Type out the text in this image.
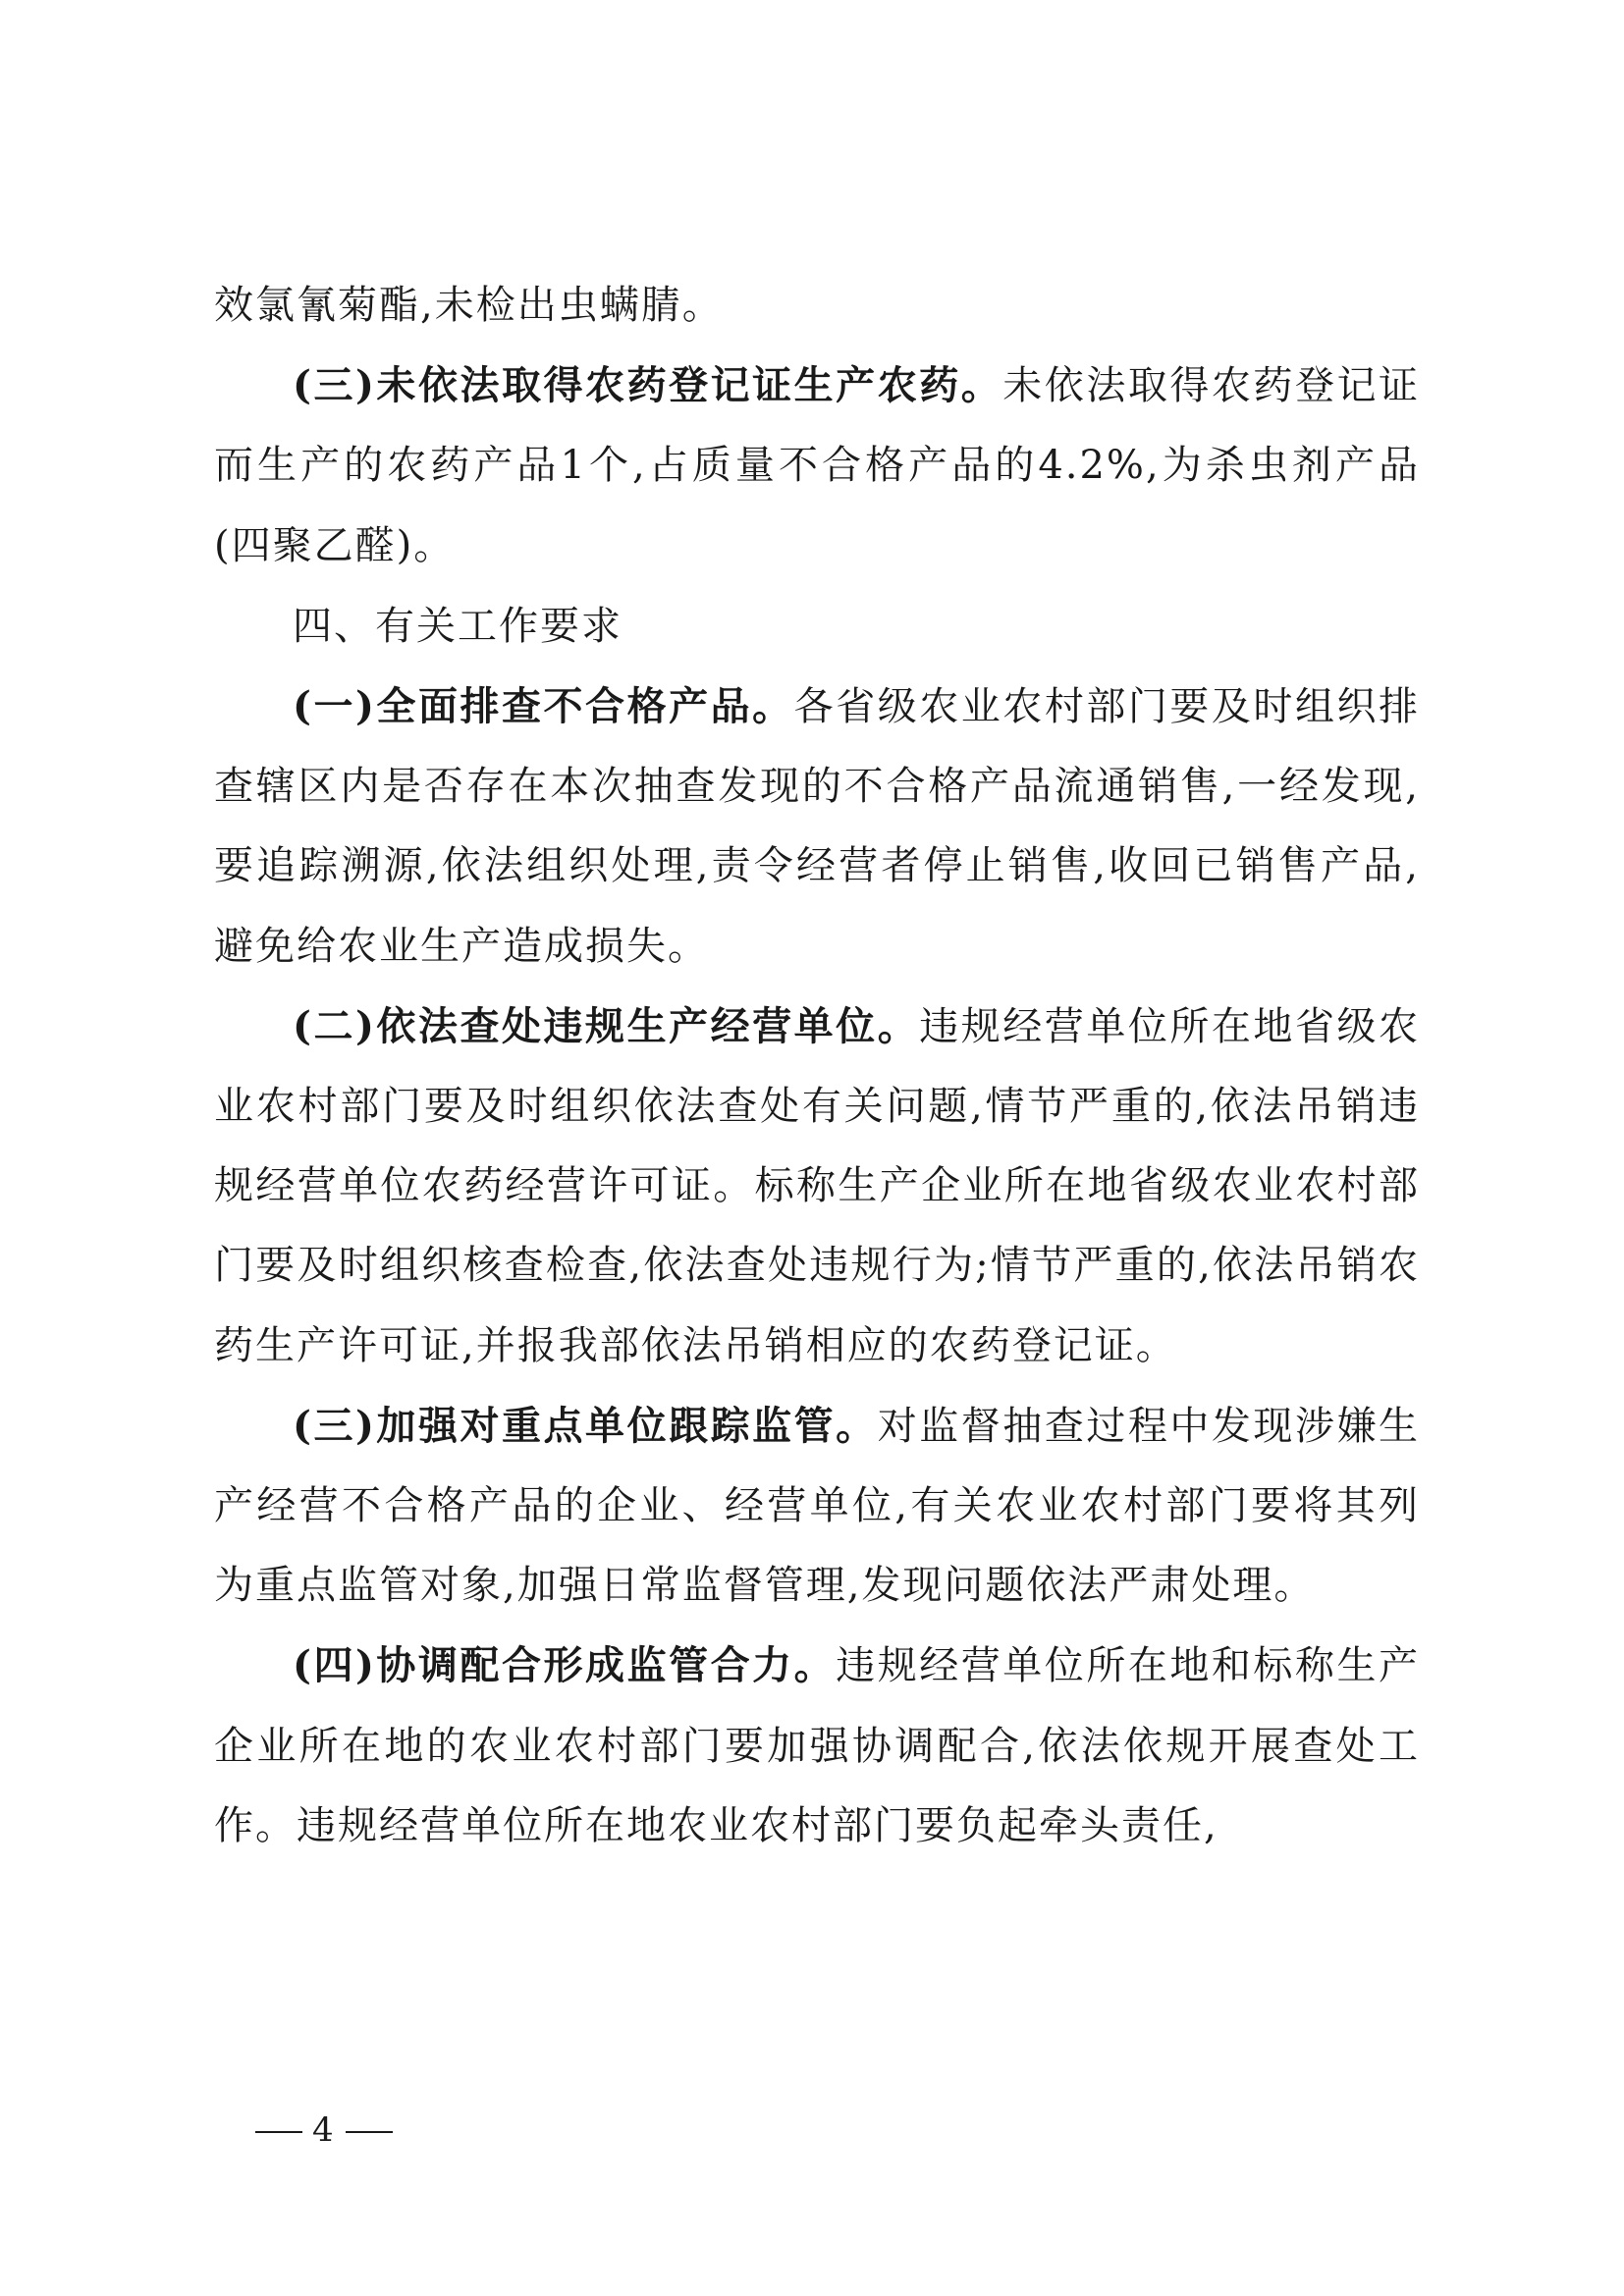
效氯氰菊酯,未检出虫螨腈。

(三)未依法取得农药登记证生产农药。未依法取得农药登记证而生产的农药产品1个,占质量不合格产品的4.2%,为杀虫剂产品(四聚乙醛)。

四、有关工作要求

(一)全面排查不合格产品。各省级农业农村部门要及时组织排查辖区内是否存在本次抽查发现的不合格产品流通销售,一经发现,要追踪溯源,依法组织处理,责令经营者停止销售,收回已销售产品,避免给农业生产造成损失。

(二)依法查处违规生产经营单位。违规经营单位所在地省级农业农村部门要及时组织依法查处有关问题,情节严重的,依法吊销违规经营单位农药经营许可证。标称生产企业所在地省级农业农村部门要及时组织核查检查,依法查处违规行为;情节严重的,依法吊销农药生产许可证,并报我部依法吊销相应的农药登记证。

(三)加强对重点单位跟踪监管。对监督抽查过程中发现涉嫌生产经营不合格产品的企业、经营单位,有关农业农村部门要将其列为重点监管对象,加强日常监督管理,发现问题依法严肃处理。

(四)协调配合形成监管合力。违规经营单位所在地和标称生产企业所在地的农业农村部门要加强协调配合,依法依规开展查处工作。违规经营单位所在地农业农村部门要负起牵头责任,

4
